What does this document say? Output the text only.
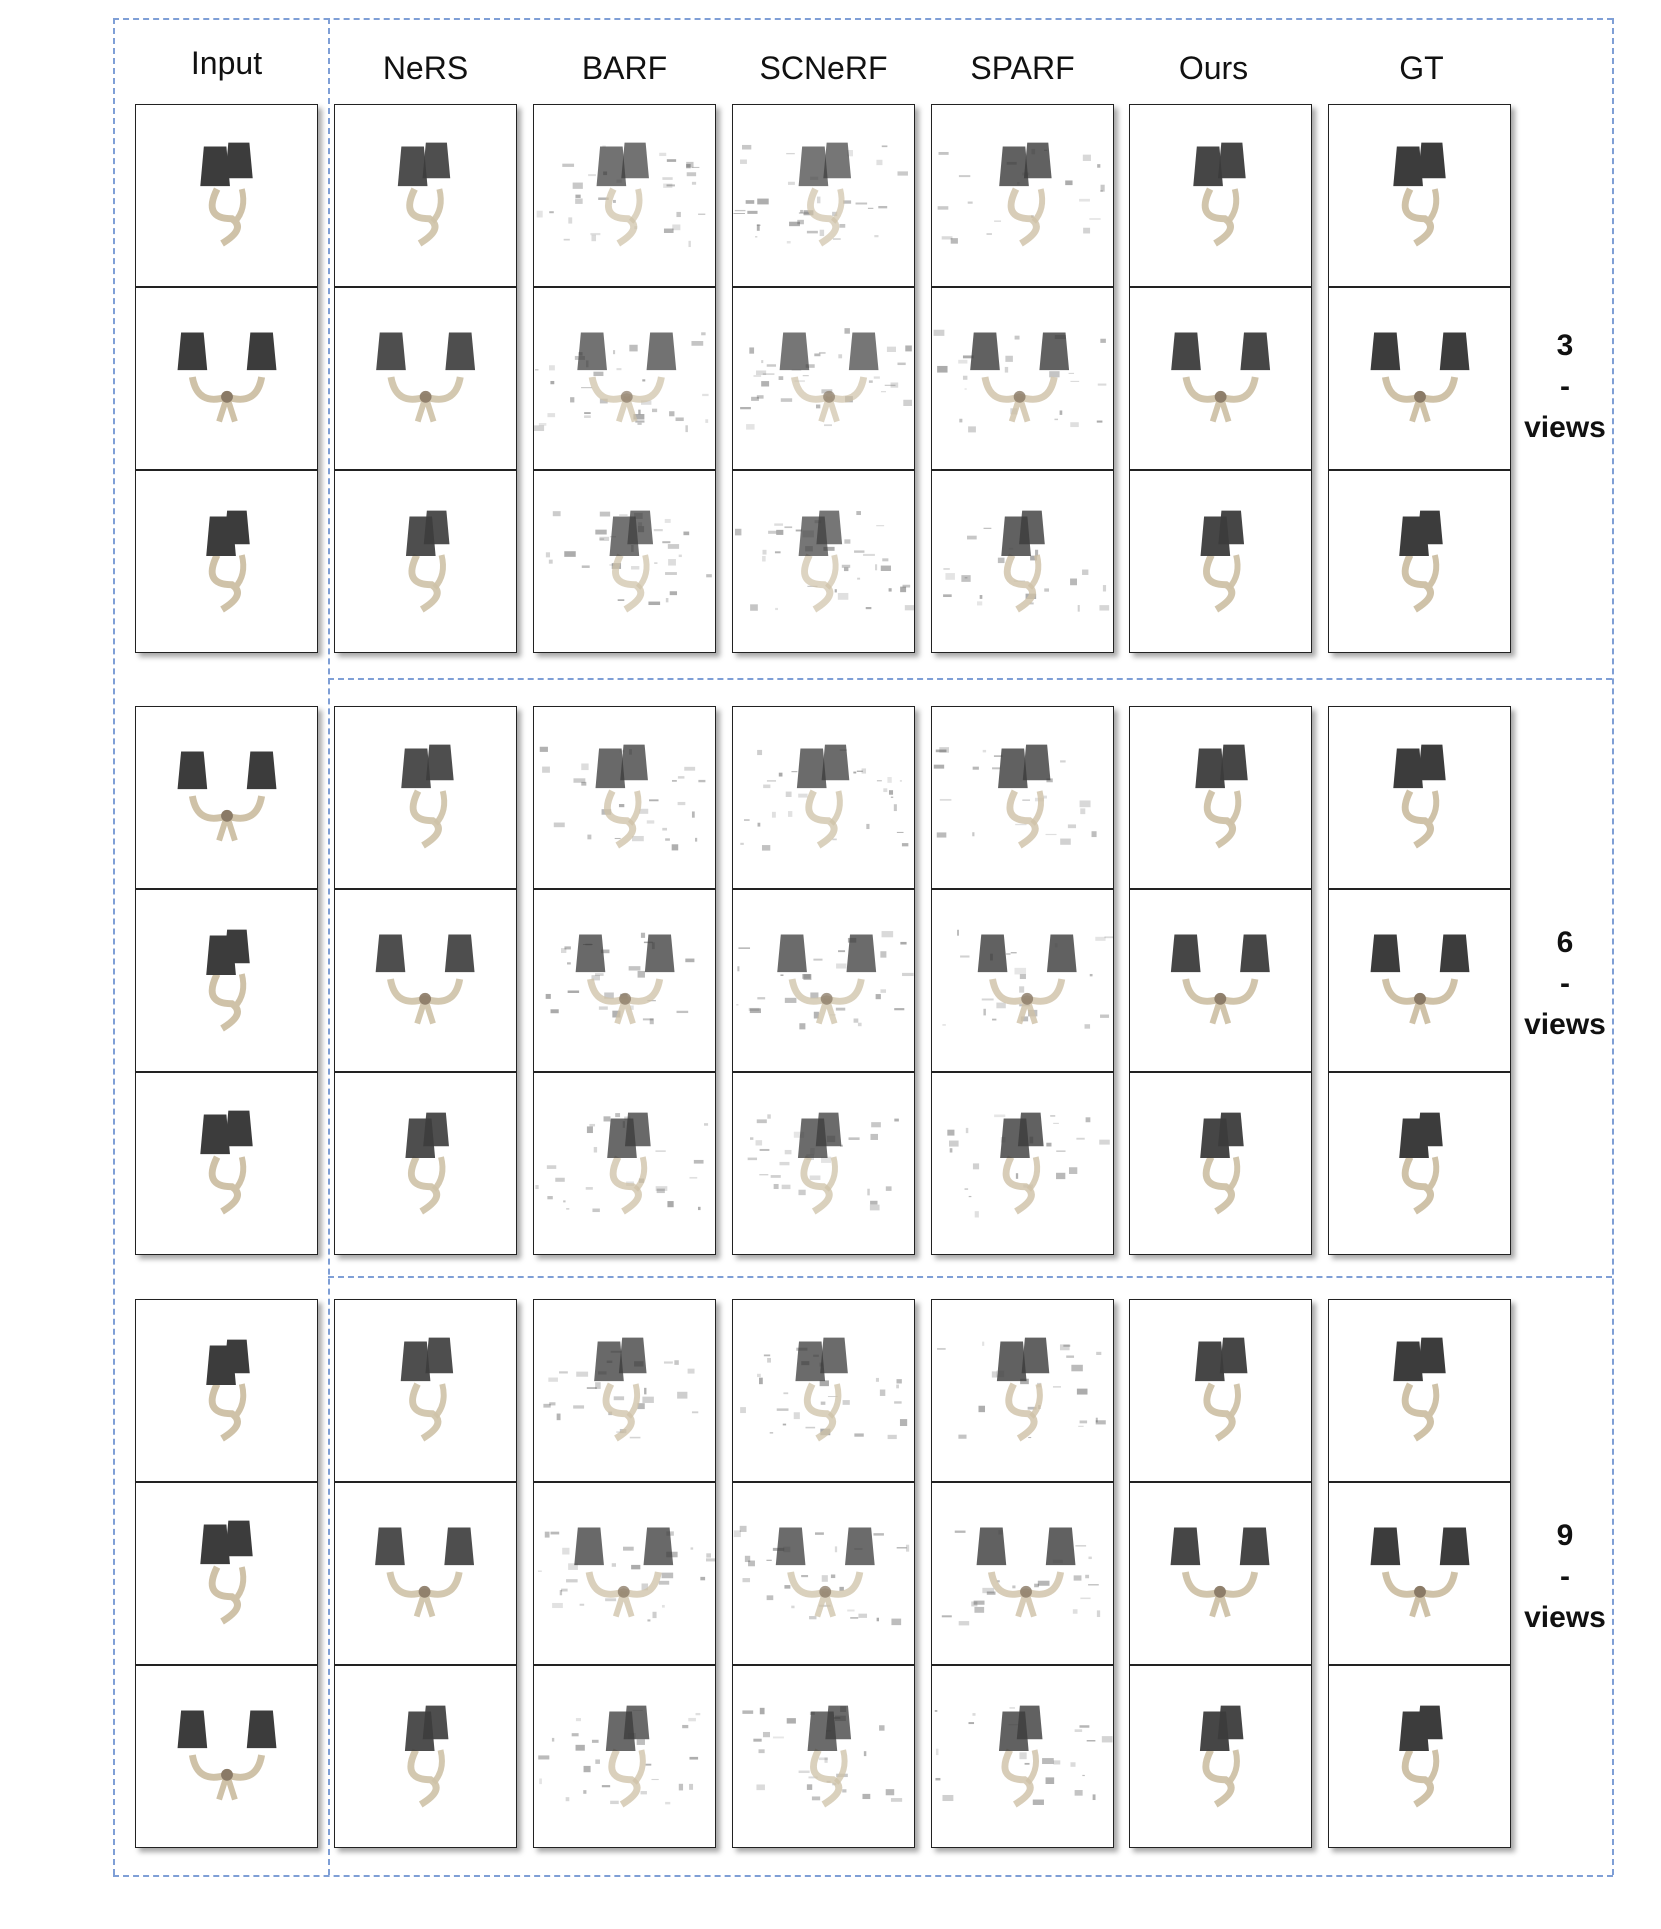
Input	NeRS	BARF	SCNeRF	SPARF	Ours	GT
3
-
views
6
-
views
9
-
views
